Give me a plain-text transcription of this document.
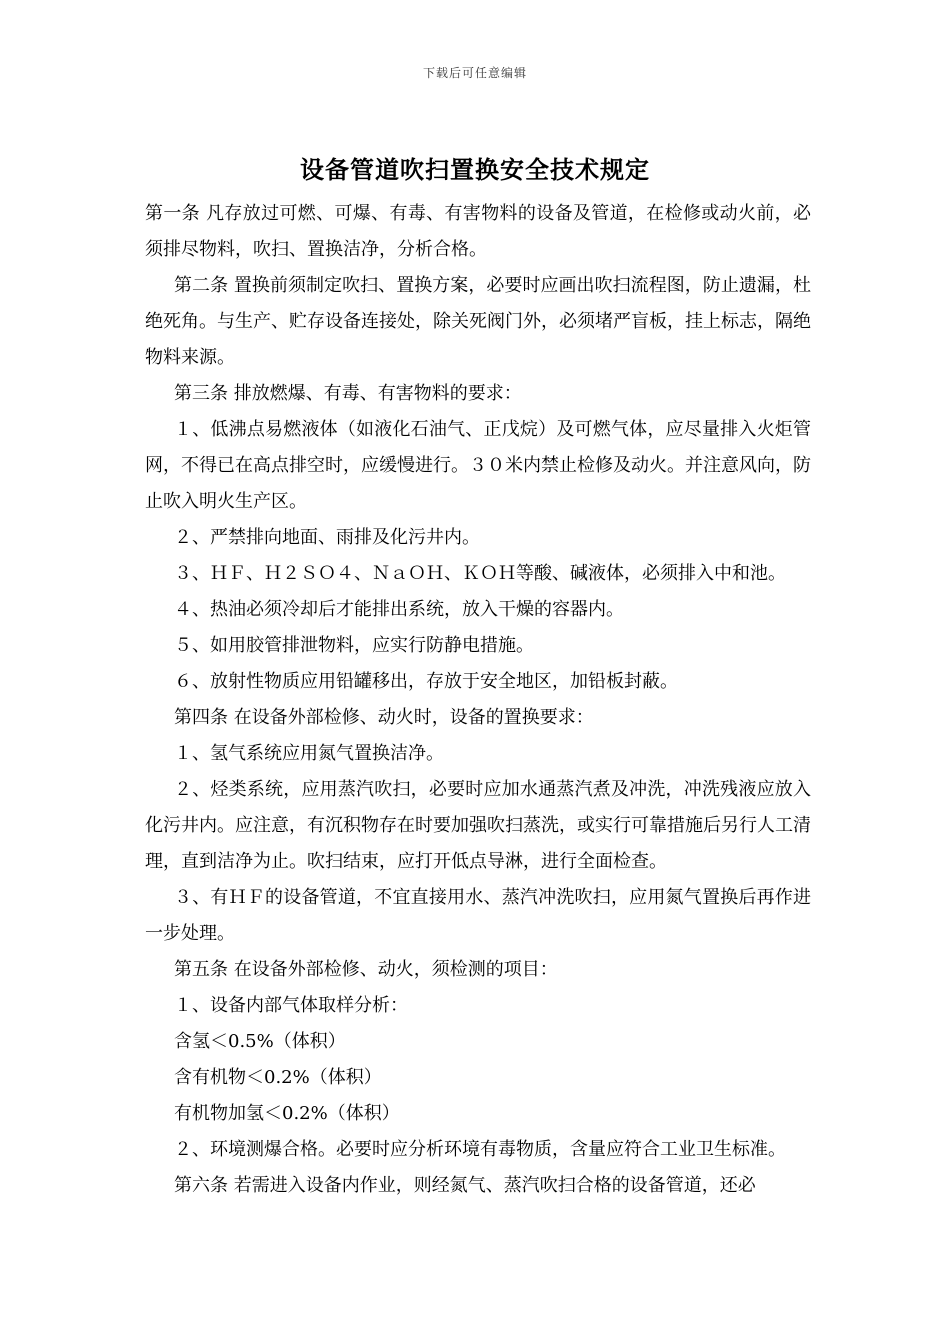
下载后可任意编辑
设备管道吹扫置换安全技术规定

第一条 凡存放过可燃、可爆、有毒、有害物料的设备及管道，在检修或动火前，必须排尽物料，吹扫、置换洁净，分析合格。

第二条 置换前须制定吹扫、置换方案，必要时应画出吹扫流程图，防止遗漏，杜绝死角。与生产、贮存设备连接处，除关死阀门外，必须堵严盲板，挂上标志，隔绝物料来源。

第三条 排放燃爆、有毒、有害物料的要求：

１、低沸点易燃液体（如液化石油气、正戊烷）及可燃气体，应尽量排入火炬管网，不得已在高点排空时，应缓慢进行。３０米内禁止检修及动火。并注意风向，防止吹入明火生产区。

２、严禁排向地面、雨排及化污井内。

３、ＨＦ、Ｈ２ＳＯ４、ＮａＯＨ、ＫＯＨ等酸、碱液体，必须排入中和池。

４、热油必须冷却后才能排出系统，放入干燥的容器内。

５、如用胶管排泄物料，应实行防静电措施。

６、放射性物质应用铅罐移出，存放于安全地区，加铅板封蔽。

第四条 在设备外部检修、动火时，设备的置换要求：

１、氢气系统应用氮气置换洁净。

２、烃类系统，应用蒸汽吹扫，必要时应加水通蒸汽煮及冲洗，冲洗残液应放入化污井内。应注意，有沉积物存在时要加强吹扫蒸洗，或实行可靠措施后另行人工清理，直到洁净为止。吹扫结束，应打开低点导淋，进行全面检查。

３、有ＨＦ的设备管道，不宜直接用水、蒸汽冲洗吹扫，应用氮气置换后再作进一步处理。

第五条 在设备外部检修、动火，须检测的项目：

１、设备内部气体取样分析：

含氢＜0.5%（体积）

含有机物＜0.2%（体积）

有机物加氢＜0.2%（体积）

２、环境测爆合格。必要时应分析环境有毒物质，含量应符合工业卫生标准。

第六条 若需进入设备内作业，则经氮气、蒸汽吹扫合格的设备管道，还必
